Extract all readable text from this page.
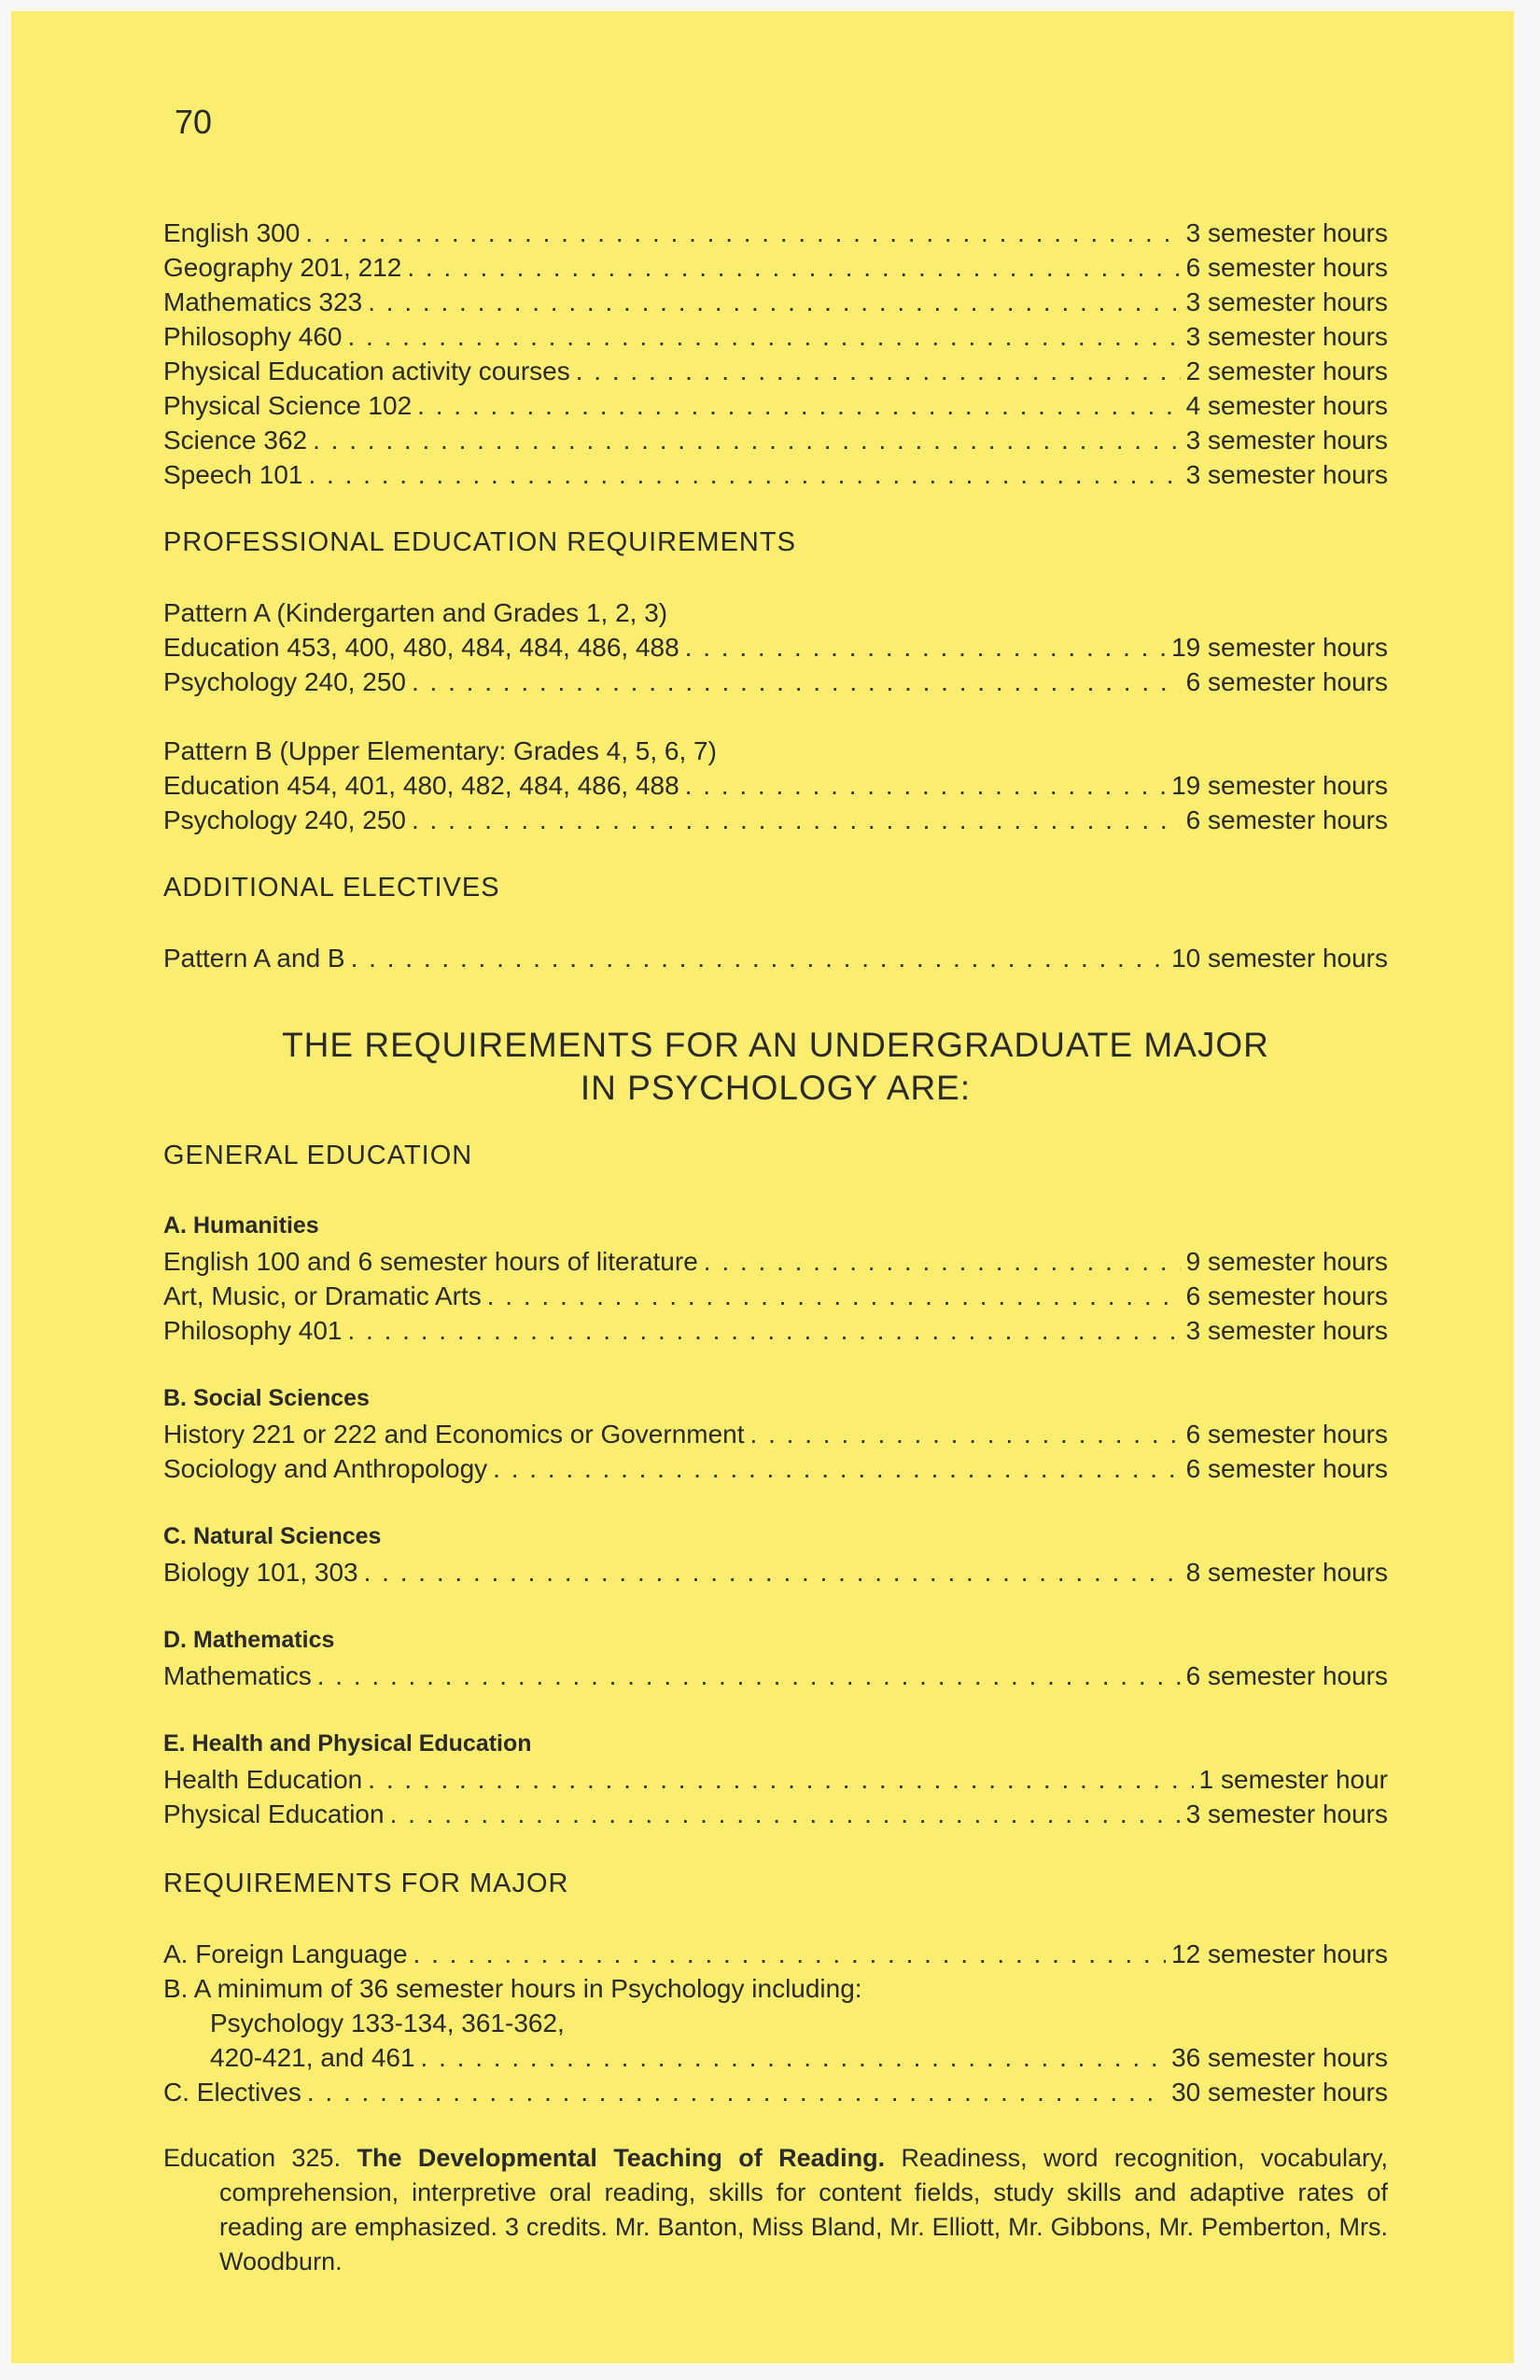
70
English 300 . . .	3 semester hours
Geography 201, 212 . . .	6 semester hours
Mathematics 323 . . .	3 semester hours
Philosophy 460 . . .	3 semester hours
Physical Education activity courses . . .	2 semester hours
Physical Science 102 . . .	4 semester hours
Science 362 . . .	3 semester hours
Speech 101 . . .	3 semester hours
PROFESSIONAL EDUCATION REQUIREMENTS
Pattern A (Kindergarten and Grades 1, 2, 3)
Education 453, 400, 480, 484, 484, 486, 488 . . .	19 semester hours
Psychology 240, 250 . . .	6 semester hours
Pattern B (Upper Elementary: Grades 4, 5, 6, 7)
Education 454, 401, 480, 482, 484, 486, 488 . . .	19 semester hours
Psychology 240, 250 . . .	6 semester hours
ADDITIONAL ELECTIVES
Pattern A and B . . .	10 semester hours
THE REQUIREMENTS FOR AN UNDERGRADUATE MAJOR
IN PSYCHOLOGY ARE:
GENERAL EDUCATION
A. Humanities
English 100 and 6 semester hours of literature . . .	9 semester hours
Art, Music, or Dramatic Arts . . .	6 semester hours
Philosophy 401 . . .	3 semester hours
B. Social Sciences
History 221 or 222 and Economics or Government . . .	6 semester hours
Sociology and Anthropology . . .	6 semester hours
C. Natural Sciences
Biology 101, 303 . . .	8 semester hours
D. Mathematics
Mathematics . . .	6 semester hours
E. Health and Physical Education
Health Education . . .	1 semester hour
Physical Education . . .	3 semester hours
REQUIREMENTS FOR MAJOR
A. Foreign Language . . .	12 semester hours
B. A minimum of 36 semester hours in Psychology including:
Psychology 133-134, 361-362,
420-421, and 461 . . .	36 semester hours
C. Electives . . .	30 semester hours
Education 325. The Developmental Teaching of Reading. Readiness, word recognition, vocabulary, comprehension, interpretive oral reading, skills for content fields, study skills and adaptive rates of reading are emphasized. 3 credits. Mr. Banton, Miss Bland, Mr. Elliott, Mr. Gibbons, Mr. Pemberton, Mrs. Woodburn.
